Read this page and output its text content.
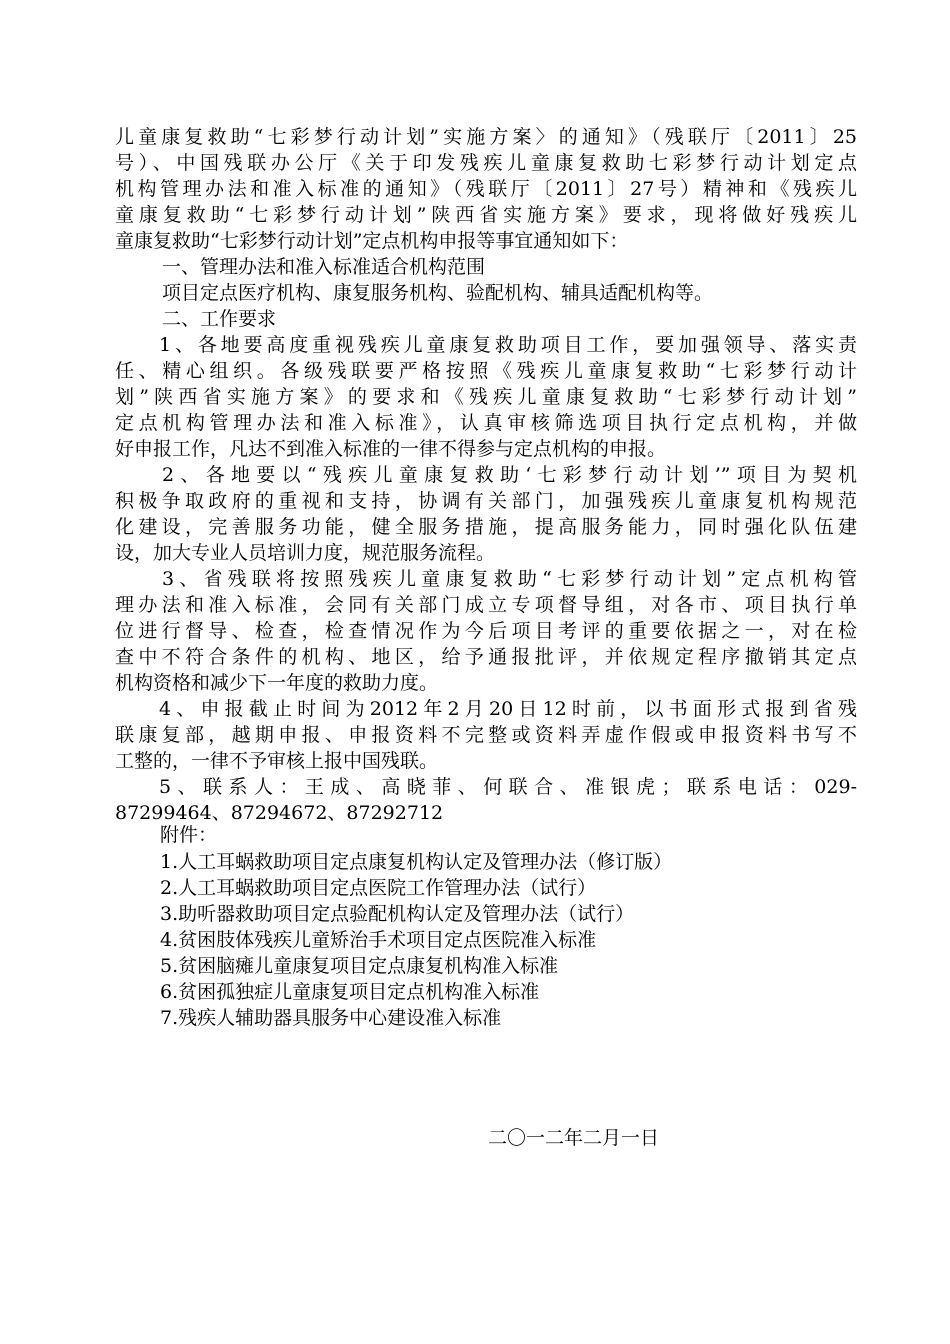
儿童康复救助“七彩梦行动计划”实施方案〉的通知》（残联厅〔2011〕25
号）、中国残联办公厅《关于印发残疾儿童康复救助七彩梦行动计划定点
机构管理办法和准入标准的通知》（残联厅〔2011〕27号）精神和《残疾儿
童康复救助“七彩梦行动计划”陕西省实施方案》要求，现将做好残疾儿
童康复救助“七彩梦行动计划”定点机构申报等事宜通知如下：
一、管理办法和准入标准适合机构范围
项目定点医疗机构、康复服务机构、验配机构、辅具适配机构等。
二、工作要求
1、各地要高度重视残疾儿童康复救助项目工作，要加强领导、落实责
任、精心组织。各级残联要严格按照《残疾儿童康复救助“七彩梦行动计
划”陕西省实施方案》的要求和《残疾儿童康复救助“七彩梦行动计划”
定点机构管理办法和准入标准》，认真审核筛选项目执行定点机构，并做
好申报工作，凡达不到准入标准的一律不得参与定点机构的申报。
2、各地要以“残疾儿童康复救助‘七彩梦行动计划’”项目为契机
积极争取政府的重视和支持，协调有关部门，加强残疾儿童康复机构规范
化建设，完善服务功能，健全服务措施，提高服务能力，同时强化队伍建
设，加大专业人员培训力度，规范服务流程。
3、省残联将按照残疾儿童康复救助“七彩梦行动计划”定点机构管
理办法和准入标准，会同有关部门成立专项督导组，对各市、项目执行单
位进行督导、检查，检查情况作为今后项目考评的重要依据之一，对在检
查中不符合条件的机构、地区，给予通报批评，并依规定程序撤销其定点
机构资格和减少下一年度的救助力度。
4、申报截止时间为2012年2月20日12时前，以书面形式报到省残
联康复部，越期申报、申报资料不完整或资料弄虚作假或申报资料书写不
工整的，一律不予审核上报中国残联。
5、联系人：王成、高晓菲、何联合、准银虎；联系电话：029-
87299464、87294672、87292712
附件：
1.人工耳蜗救助项目定点康复机构认定及管理办法（修订版）
2.人工耳蜗救助项目定点医院工作管理办法（试行）
3.助听器救助项目定点验配机构认定及管理办法（试行）
4.贫困肢体残疾儿童矫治手术项目定点医院准入标准
5.贫困脑瘫儿童康复项目定点康复机构准入标准
6.贫困孤独症儿童康复项目定点机构准入标准
7.残疾人辅助器具服务中心建设准入标准
二〇一二年二月一日
